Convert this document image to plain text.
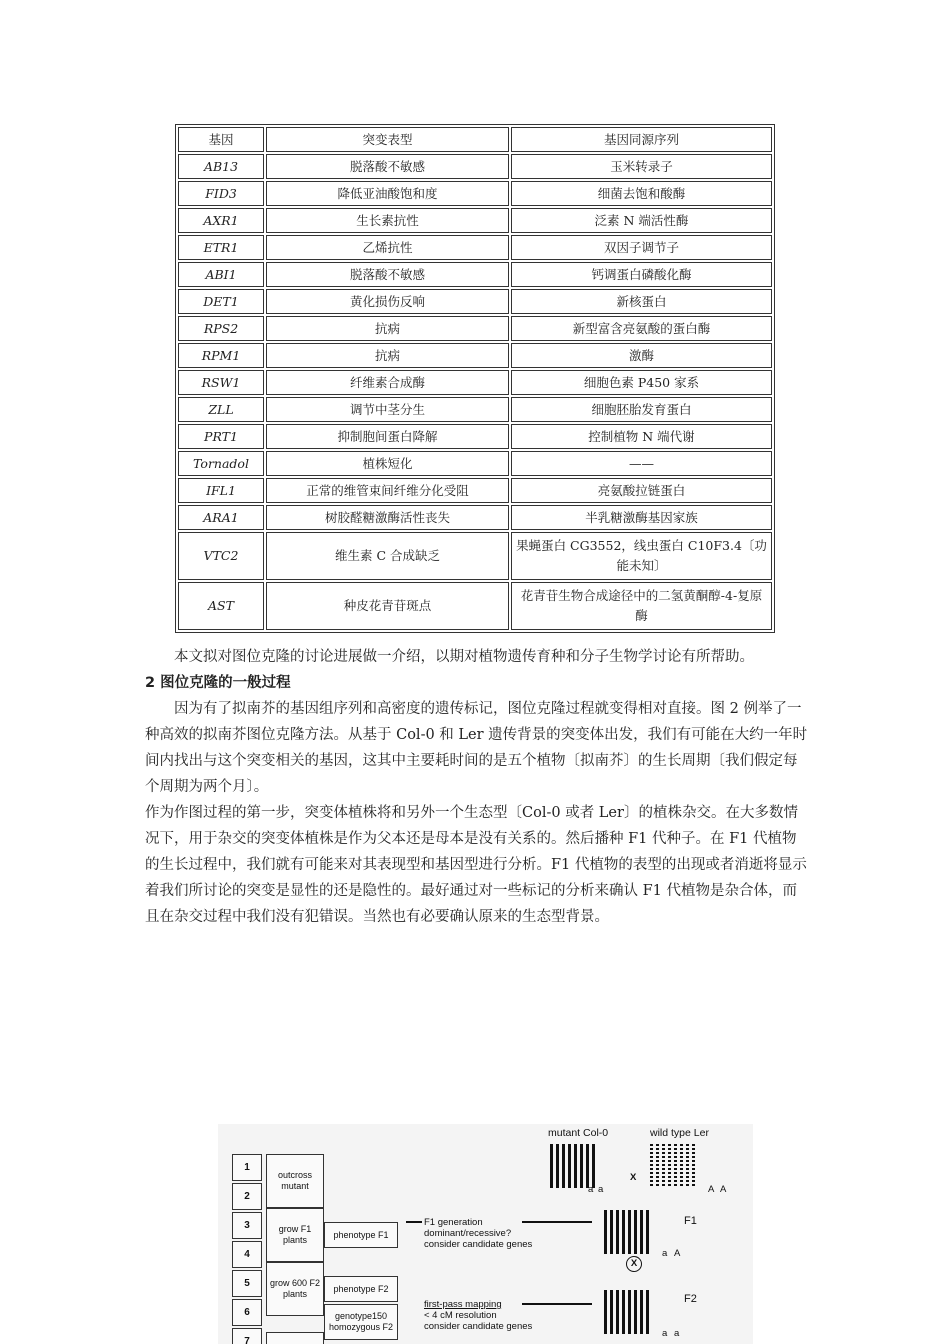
基因	突变表型	基因同源序列
AB13	脱落酸不敏感	玉米转录子
FID3	降低亚油酸饱和度	细菌去饱和酸酶
AXR1	生长素抗性	泛素 N 端活性酶
ETR1	乙烯抗性	双因子调节子
ABI1	脱落酸不敏感	钙调蛋白磷酸化酶
DET1	黄化损伤反响	新核蛋白
RPS2	抗病	新型富含亮氨酸的蛋白酶
RPM1	抗病	激酶
RSW1	纤维素合成酶	细胞色素 P450 家系
ZLL	调节中茎分生	细胞胚胎发育蛋白
PRT1	抑制胞间蛋白降解	控制植物 N 端代谢
Tornadol	植株短化	——
IFL1	正常的维管束间纤维分化受阻	亮氨酸拉链蛋白
ARA1	树胶醛糖激酶活性丧失	半乳糖激酶基因家族
VTC2	维生素 C 合成缺乏	果蝇蛋白 CG3552，线虫蛋白 C10F3.4〔功能未知〕
AST	种皮花青苷斑点	花青苷生物合成途径中的二氢黄酮醇-4-复原酶

本文拟对图位克隆的讨论进展做一介绍，以期对植物遗传育种和分子生物学讨论有所帮助。

2 图位克隆的一般过程

因为有了拟南芥的基因组序列和高密度的遗传标记，图位克隆过程就变得相对直接。图 2 例举了一种高效的拟南芥图位克隆方法。从基于 Col-0 和 Ler 遗传背景的突变体出发，我们有可能在大约一年时间内找出与这个突变相关的基因，这其中主要耗时间的是五个植物〔拟南芥〕的生长周期〔我们假定每个周期为两个月〕。

作为作图过程的第一步，突变体植株将和另外一个生态型〔Col-0 或者 Ler〕的植株杂交。在大多数情况下，用于杂交的突变体植株是作为父本还是母本是没有关系的。然后播种 F1 代种子。在 F1 代植物的生长过程中，我们就有可能来对其表现型和基因型进行分析。F1 代植物的表型的出现或者消逝将显示着我们所讨论的突变是显性的还是隐性的。最好通过对一些标记的分析来确认 F1 代植物是杂合体，而且在杂交过程中我们没有犯错误。当然也有必要确认原来的生态型背景。

1
2
3
4
5
6
7
outcross mutant
grow F1 plants
grow 600 F2 plants
phenotype F1
phenotype F2
genotype150 homozygous F2
F1 generation
dominant/recessive?
consider candidate genes
first-pass mapping
< 4 cM resolution
consider candidate genes
mutant Col-0	wild type Ler
a a
X
A A
a A
F1
X
a a
F2
